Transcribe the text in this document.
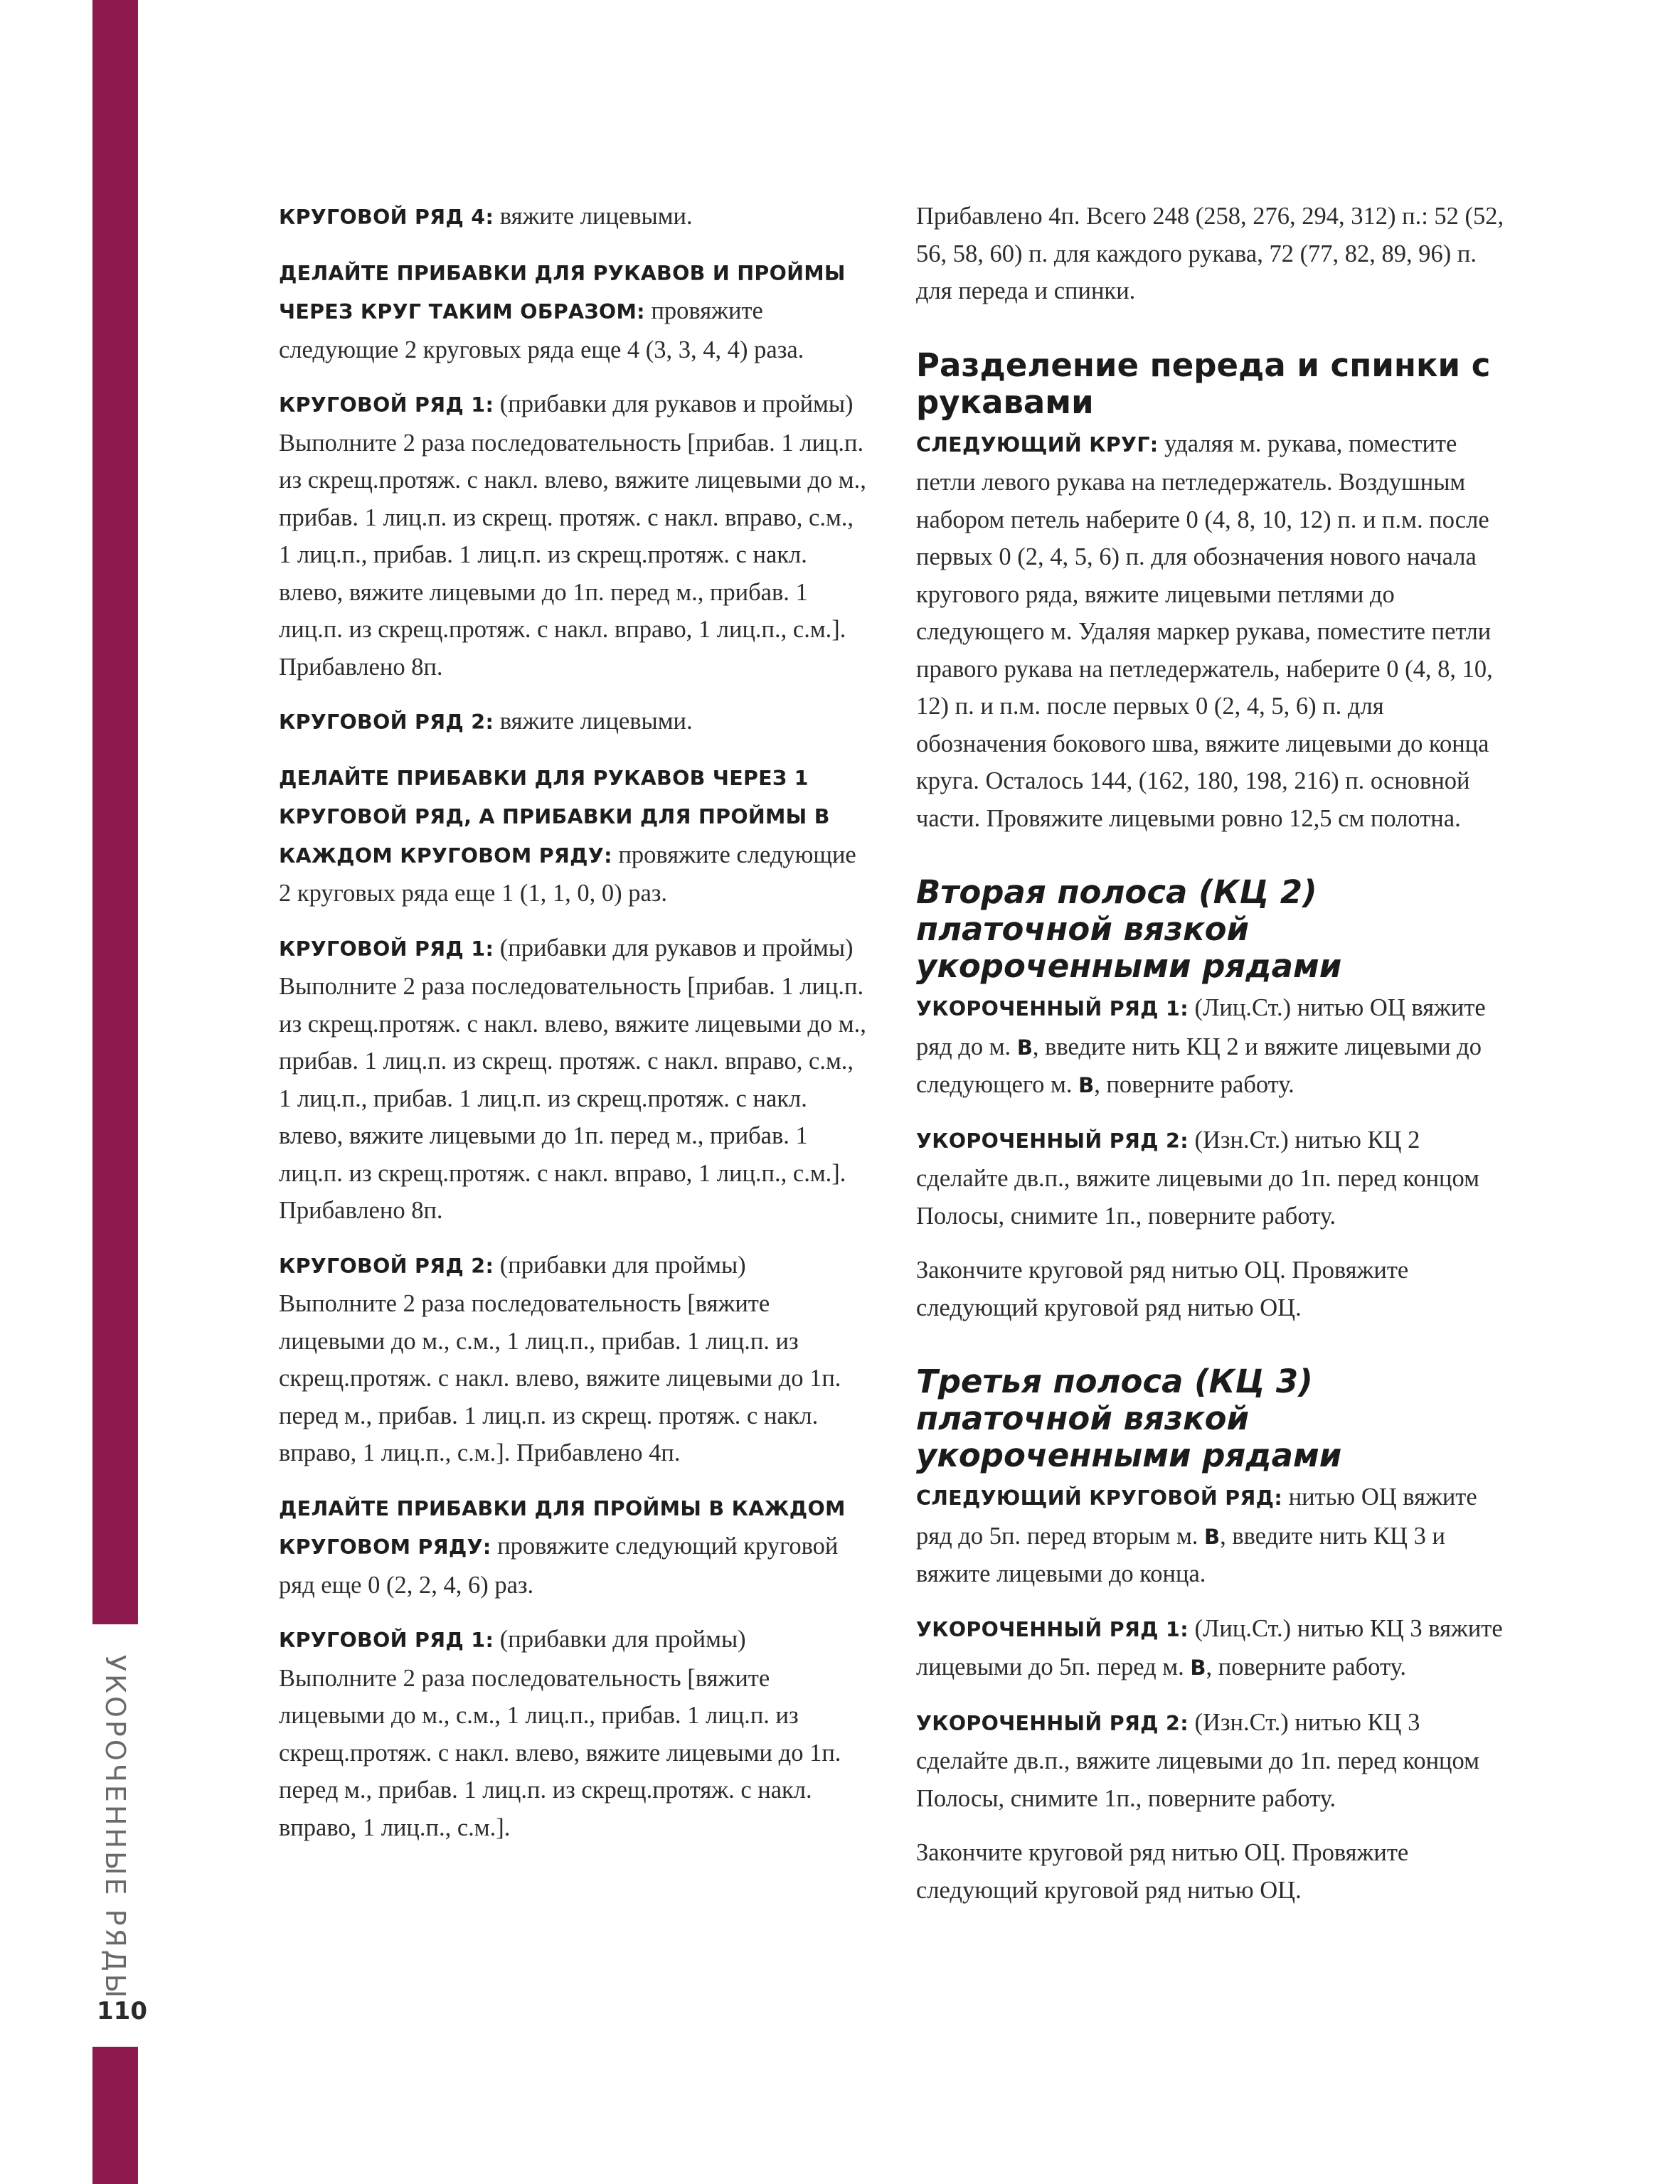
УКОРОЧЕННЫЕ РЯДЫ
110

КРУГОВОЙ РЯД 4: вяжите лицевыми.

ДЕЛАЙТЕ ПРИБАВКИ ДЛЯ РУКАВОВ И ПРОЙМЫ ЧЕРЕЗ КРУГ ТАКИМ ОБРАЗОМ: провяжите следующие 2 круговых ряда еще 4 (3, 3, 4, 4) раза.

КРУГОВОЙ РЯД 1: (прибавки для рукавов и проймы) Выполните 2 раза последовательность [прибав. 1 лиц.п. из скрещ.протяж. с накл. влево, вяжите лицевыми до м., прибав. 1 лиц.п. из скрещ. протяж. с накл. вправо, с.м., 1 лиц.п., прибав. 1 лиц.п. из скрещ.протяж. с накл. влево, вяжите лицевыми до 1п. перед м., прибав. 1 лиц.п. из скрещ.протяж. с накл. вправо, 1 лиц.п., с.м.]. Прибавлено 8п.

КРУГОВОЙ РЯД 2: вяжите лицевыми.

ДЕЛАЙТЕ ПРИБАВКИ ДЛЯ РУКАВОВ ЧЕРЕЗ 1 КРУГОВОЙ РЯД, А ПРИБАВКИ ДЛЯ ПРОЙМЫ В КАЖДОМ КРУГОВОМ РЯДУ: провяжите следующие 2 круговых ряда еще 1 (1, 1, 0, 0) раз.

КРУГОВОЙ РЯД 1: (прибавки для рукавов и проймы) Выполните 2 раза последовательность [прибав. 1 лиц.п. из скрещ.протяж. с накл. влево, вяжите лицевыми до м., прибав. 1 лиц.п. из скрещ. протяж. с накл. вправо, с.м., 1 лиц.п., прибав. 1 лиц.п. из скрещ.протяж. с накл. влево, вяжите лицевыми до 1п. перед м., прибав. 1 лиц.п. из скрещ.протяж. с накл. вправо, 1 лиц.п., с.м.]. Прибавлено 8п.

КРУГОВОЙ РЯД 2: (прибавки для проймы) Выполните 2 раза последовательность [вяжите лицевыми до м., с.м., 1 лиц.п., прибав. 1 лиц.п. из скрещ.протяж. с накл. влево, вяжите лицевыми до 1п. перед м., прибав. 1 лиц.п. из скрещ. протяж. с накл. вправо, 1 лиц.п., с.м.]. Прибавлено 4п.

ДЕЛАЙТЕ ПРИБАВКИ ДЛЯ ПРОЙМЫ В КАЖДОМ КРУГОВОМ РЯДУ: провяжите следующий круговой ряд еще 0 (2, 2, 4, 6) раз.

КРУГОВОЙ РЯД 1: (прибавки для проймы) Выполните 2 раза последовательность [вяжите лицевыми до м., с.м., 1 лиц.п., прибав. 1 лиц.п. из скрещ.протяж. с накл. влево, вяжите лицевыми до 1п. перед м., прибав. 1 лиц.п. из скрещ.протяж. с накл. вправо, 1 лиц.п., с.м.].

Прибавлено 4п. Всего 248 (258, 276, 294, 312) п.: 52 (52, 56, 58, 60) п. для каждого рукава, 72 (77, 82, 89, 96) п. для переда и спинки.

Разделение переда и спинки с рукавами

СЛЕДУЮЩИЙ КРУГ: удаляя м. рукава, поместите петли левого рукава на петледержатель. Воздушным набором петель наберите 0 (4, 8, 10, 12) п. и п.м. после первых 0 (2, 4, 5, 6) п. для обозначения нового начала кругового ряда, вяжите лицевыми петлями до следующего м. Удаляя маркер рукава, поместите петли правого рукава на петледержатель, наберите 0 (4, 8, 10, 12) п. и п.м. после первых 0 (2, 4, 5, 6) п. для обозначения бокового шва, вяжите лицевыми до конца круга. Осталось 144, (162, 180, 198, 216) п. основной части. Провяжите лицевыми ровно 12,5 см полотна.

Вторая полоса (КЦ 2) платочной вязкой укороченными рядами

УКОРОЧЕННЫЙ РЯД 1: (Лиц.Ст.) нитью ОЦ вяжите ряд до м. B, введите нить КЦ 2 и вяжите лицевыми до следующего м. B, поверните работу.

УКОРОЧЕННЫЙ РЯД 2: (Изн.Ст.) нитью КЦ 2 сделайте дв.п., вяжите лицевыми до 1п. перед концом Полосы, снимите 1п., поверните работу.

Закончите круговой ряд нитью ОЦ. Провяжите следующий круговой ряд нитью ОЦ.

Третья полоса (КЦ 3) платочной вязкой укороченными рядами

СЛЕДУЮЩИЙ КРУГОВОЙ РЯД: нитью ОЦ вяжите ряд до 5п. перед вторым м. B, введите нить КЦ 3 и вяжите лицевыми до конца.

УКОРОЧЕННЫЙ РЯД 1: (Лиц.Ст.) нитью КЦ 3 вяжите лицевыми до 5п. перед м. B, поверните работу.

УКОРОЧЕННЫЙ РЯД 2: (Изн.Ст.) нитью КЦ 3 сделайте дв.п., вяжите лицевыми до 1п. перед концом Полосы, снимите 1п., поверните работу.

Закончите круговой ряд нитью ОЦ. Провяжите следующий круговой ряд нитью ОЦ.
